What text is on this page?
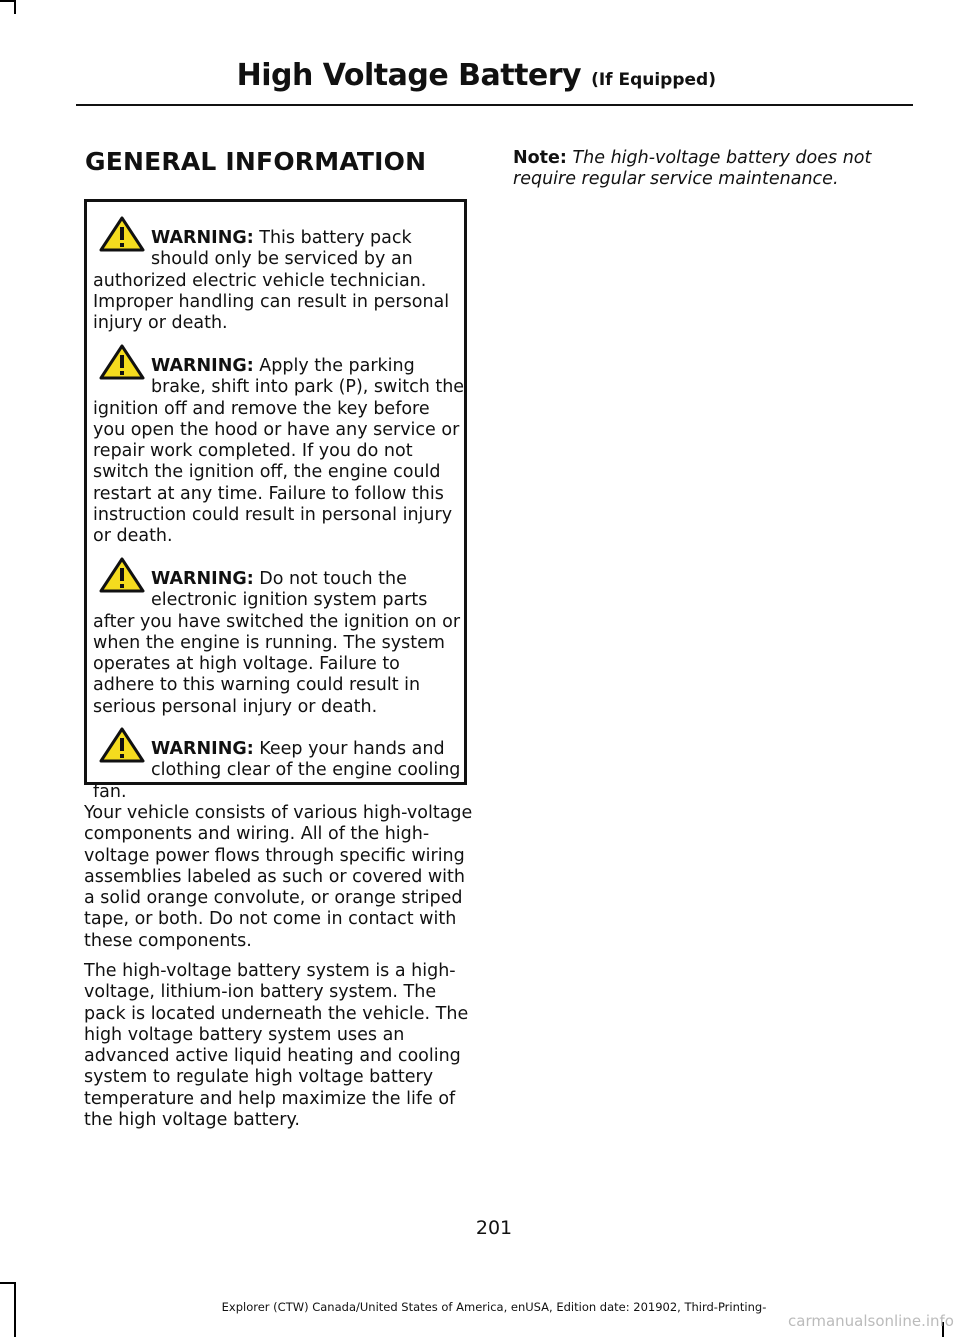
High Voltage Battery (If Equipped)
GENERAL INFORMATION
WARNING: This battery pack should only be serviced by an authorized electric vehicle technician. Improper handling can result in personal injury or death.
WARNING: Apply the parking brake, shift into park (P), switch the ignition off and remove the key before you open the hood or have any service or repair work completed. If you do not switch the ignition off, the engine could restart at any time. Failure to follow this instruction could result in personal injury or death.
WARNING: Do not touch the electronic ignition system parts after you have switched the ignition on or when the engine is running. The system operates at high voltage. Failure to adhere to this warning could result in serious personal injury or death.
WARNING: Keep your hands and clothing clear of the engine cooling fan.

Your vehicle consists of various high-voltage components and wiring. All of the high-voltage power flows through specific wiring assemblies labeled as such or covered with a solid orange convolute, or orange striped tape, or both. Do not come in contact with these components.

The high-voltage battery system is a high-voltage, lithium-ion battery system. The pack is located underneath the vehicle. The high voltage battery system uses an advanced active liquid heating and cooling system to regulate high voltage battery temperature and help maximize the life of the high voltage battery.

Note: The high-voltage battery does not require regular service maintenance.

201
Explorer (CTW) Canada/United States of America, enUSA, Edition date: 201902, Third-Printing-
carmanualsonline.info
